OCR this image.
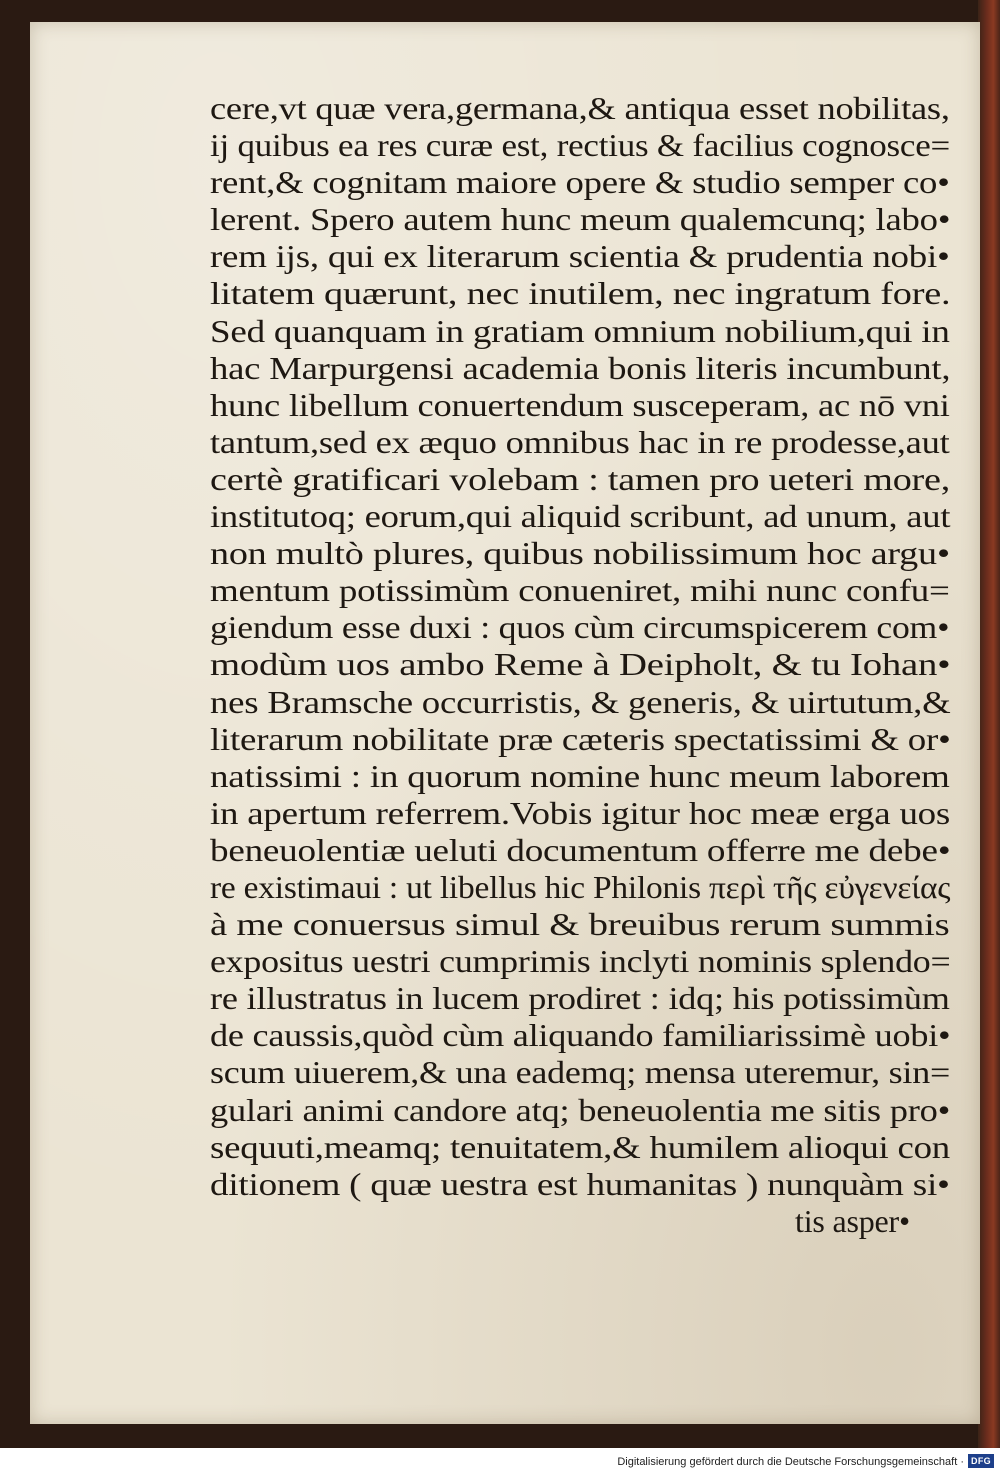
cere,vt quæ vera,germana,& antiqua esset nobilitas,
ij quibus ea res curæ est, rectius & facilius cognosce=
rent,& cognitam maiore opere & studio semper co•
lerent. Spero autem hunc meum qualemcunq; labo•
rem ijs, qui ex literarum scientia & prudentia nobi•
litatem quærunt, nec inutilem, nec ingratum fore.
Sed quanquam in gratiam omnium nobilium,qui in
hac Marpurgensi academia bonis literis incumbunt,
hunc libellum conuertendum susceperam, ac nō vni
tantum,sed ex æquo omnibus hac in re prodesse,aut
certè gratificari volebam : tamen pro ueteri more,
institutoq; eorum,qui aliquid scribunt, ad unum, aut
non multò plures, quibus nobilissimum hoc argu•
mentum potissimùm conueniret, mihi nunc confu=
giendum esse duxi : quos cùm circumspicerem com•
modùm uos ambo Reme à Deipholt, & tu Iohan•
nes Bramsche occurristis, & generis, & uirtutum,&
literarum nobilitate præ cæteris spectatissimi & or•
natissimi : in quorum nomine hunc meum laborem
in apertum referrem.Vobis igitur hoc meæ erga uos
beneuolentiæ ueluti documentum offerre me debe•
re existimaui : ut libellus hic Philonis περὶ τῆς εὐγενείας
à me conuersus simul & breuibus rerum summis
expositus uestri cumprimis inclyti nominis splendo=
re illustratus in lucem prodiret : idq; his potissimùm
de caussis,quòd cùm aliquando familiarissimè uobi•
scum uiuerem,& una eademq; mensa uteremur, sin=
gulari animi candore atq; beneuolentia me sitis pro•
sequuti,meamq; tenuitatem,& humilem alioqui con
ditionem ( quæ uestra est humanitas ) nunquàm si•
tis asper•
Digitalisierung gefördert durch die Deutsche Forschungsgemeinschaft · DFG
